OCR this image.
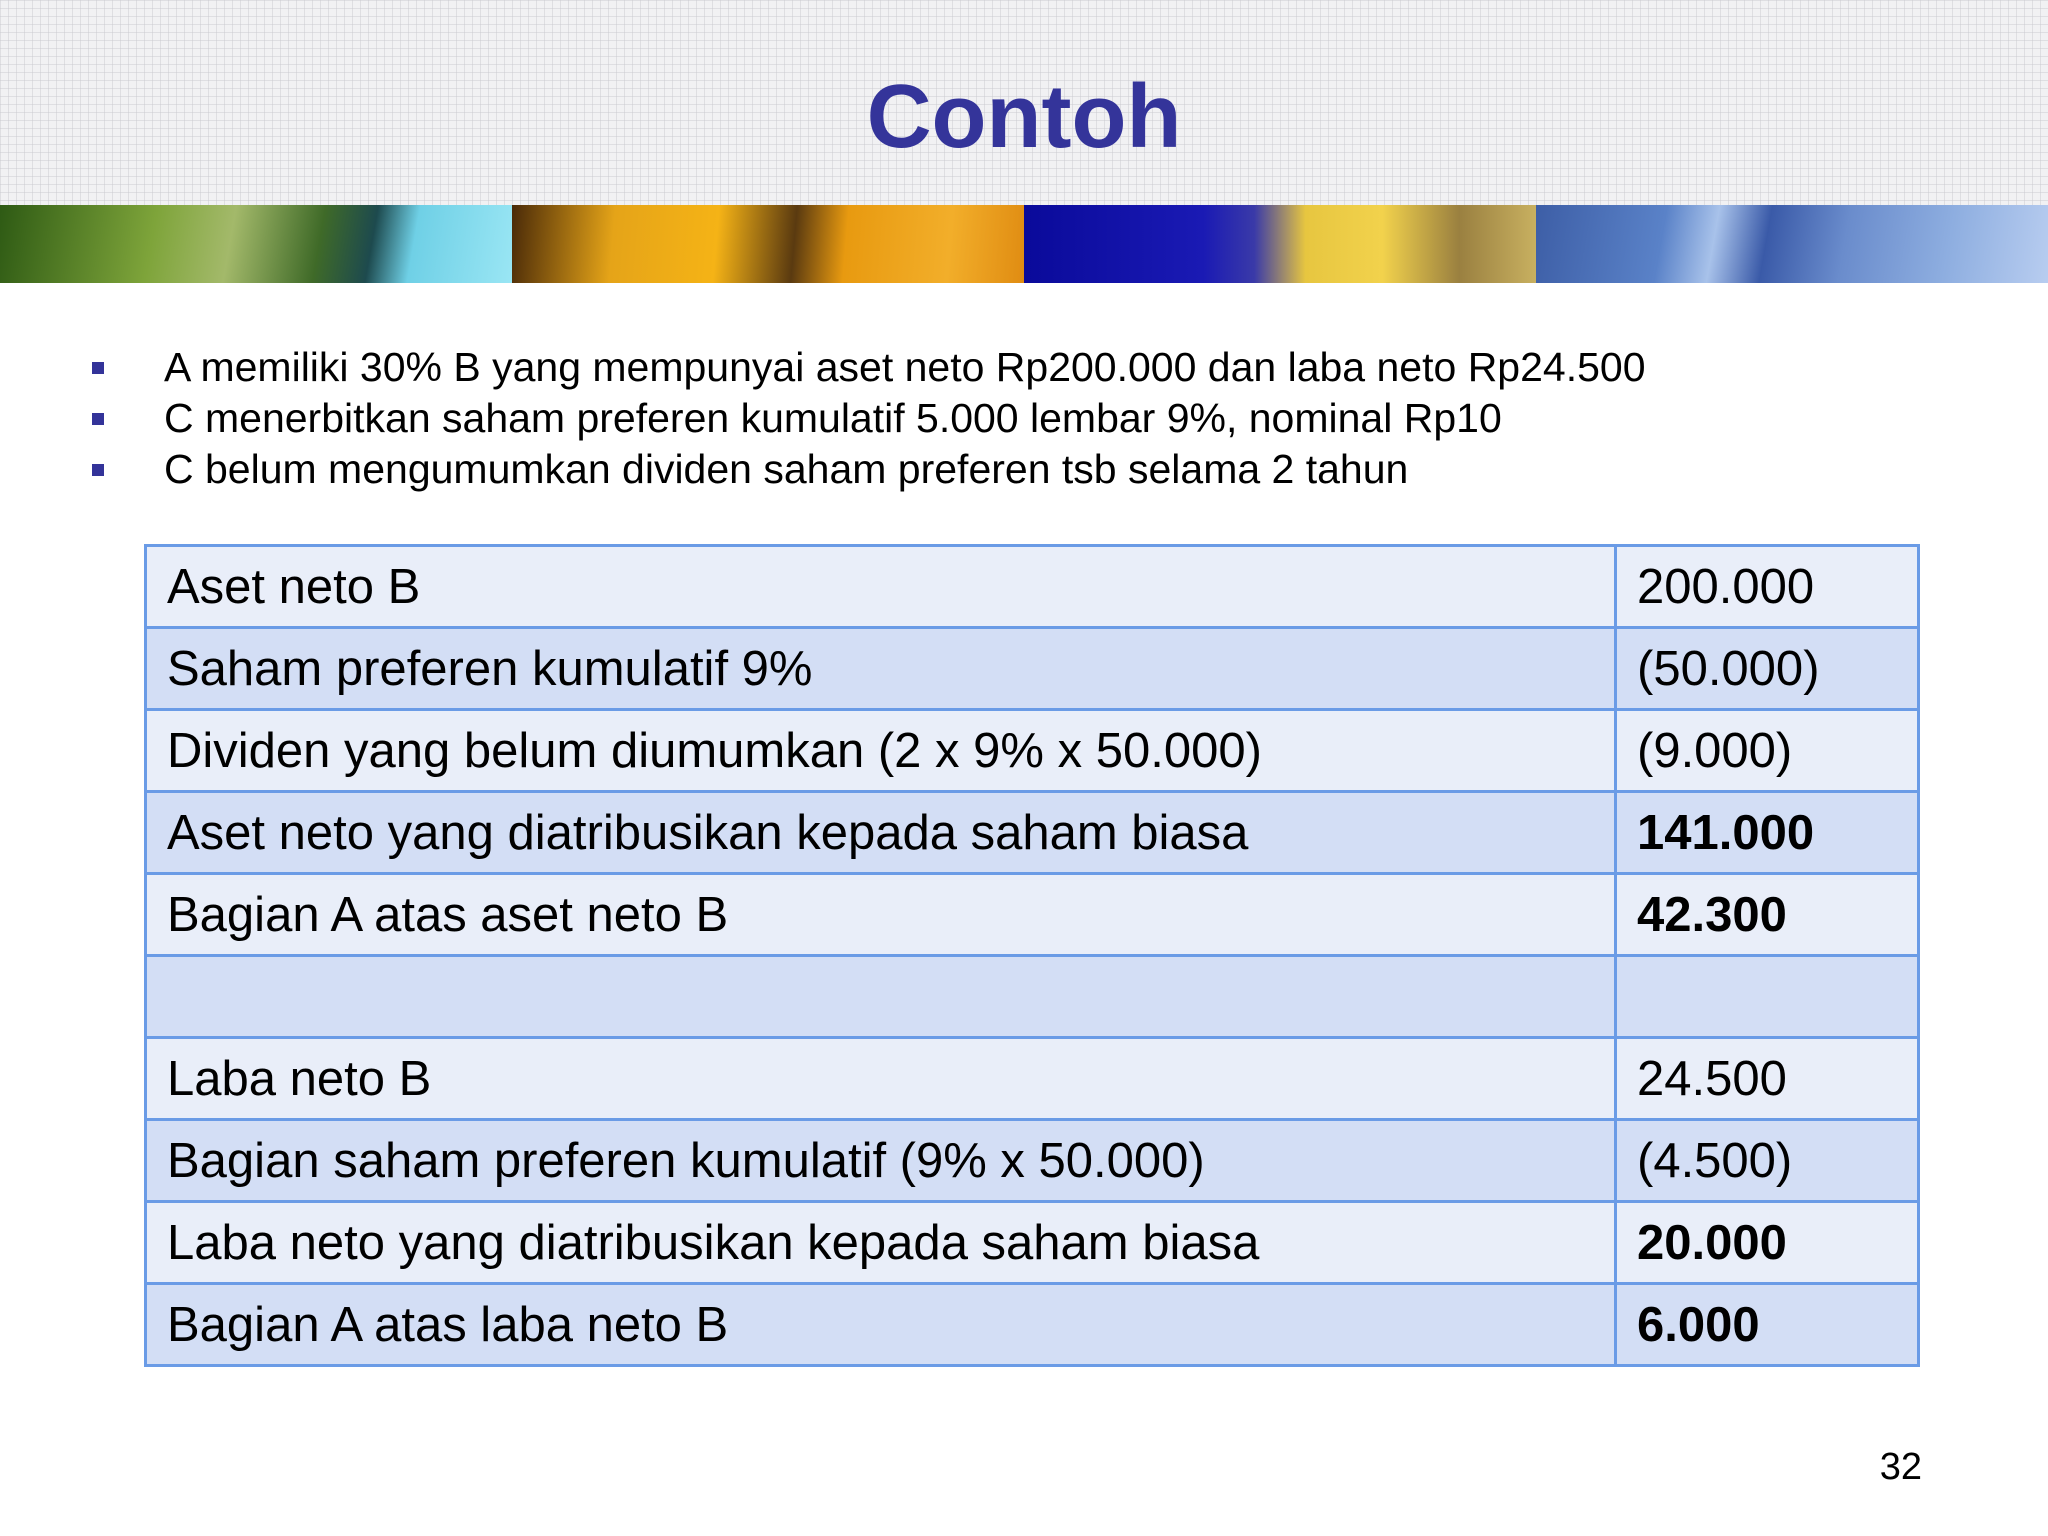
Contoh
A memiliki 30% B yang mempunyai aset neto Rp200.000 dan laba neto Rp24.500
C menerbitkan saham preferen kumulatif 5.000 lembar 9%, nominal Rp10
C belum mengumumkan dividen saham preferen tsb selama 2 tahun
Aset neto B	200.000
Saham preferen kumulatif 9%	(50.000)
Dividen yang belum diumumkan (2 x 9% x 50.000)	(9.000)
Aset neto yang diatribusikan kepada saham biasa	141.000
Bagian A atas aset neto B	42.300

Laba neto B	24.500
Bagian saham preferen kumulatif (9% x 50.000)	(4.500)
Laba neto yang diatribusikan kepada saham biasa	20.000
Bagian A atas laba neto B	6.000
32
